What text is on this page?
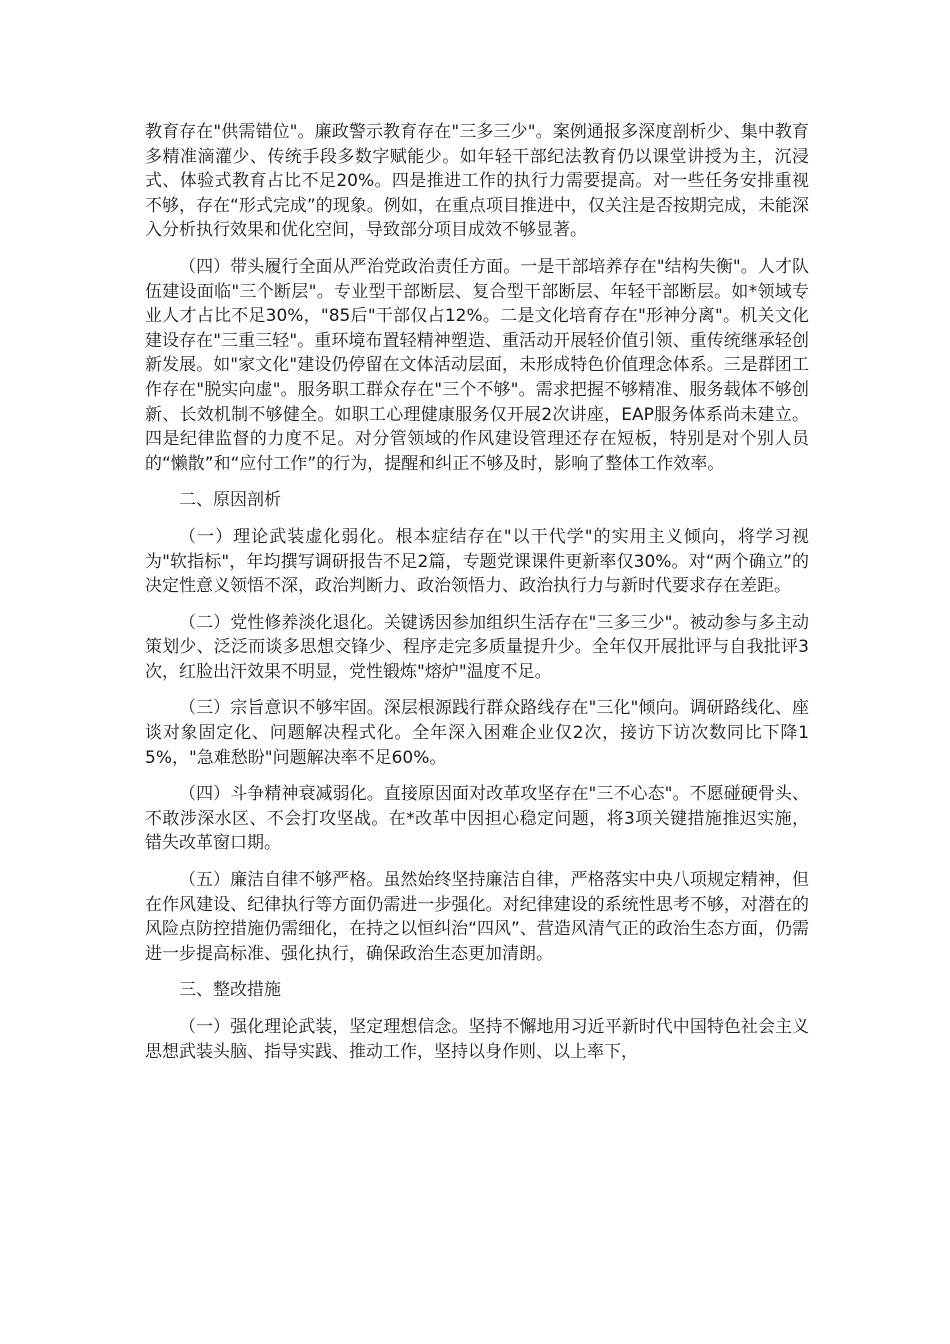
教育存在"供需错位"。廉政警示教育存在"三多三少"。案例通报多深度剖析少、集中教育多精准滴灌少、传统手段多数字赋能少。如年轻干部纪法教育仍以课堂讲授为主，沉浸式、体验式教育占比不足20%。四是推进工作的执行力需要提高。对一些任务安排重视不够，存在“形式完成”的现象。例如，在重点项目推进中，仅关注是否按期完成，未能深入分析执行效果和优化空间，导致部分项目成效不够显著。

（四）带头履行全面从严治党政治责任方面。一是干部培养存在"结构失衡"。人才队伍建设面临"三个断层"。专业型干部断层、复合型干部断层、年轻干部断层。如*领域专业人才占比不足30%，"85后"干部仅占12%。二是文化培育存在"形神分离"。机关文化建设存在"三重三轻"。重环境布置轻精神塑造、重活动开展轻价值引领、重传统继承轻创新发展。如"家文化"建设仍停留在文体活动层面，未形成特色价值理念体系。三是群团工作存在"脱实向虚"。服务职工群众存在"三个不够"。需求把握不够精准、服务载体不够创新、长效机制不够健全。如职工心理健康服务仅开展2次讲座，EAP服务体系尚未建立。四是纪律监督的力度不足。对分管领域的作风建设管理还存在短板，特别是对个别人员的“懒散”和“应付工作”的行为，提醒和纠正不够及时，影响了整体工作效率。

二、原因剖析

（一）理论武装虚化弱化。根本症结存在"以干代学"的实用主义倾向，将学习视为"软指标"，年均撰写调研报告不足2篇，专题党课课件更新率仅30%。对“两个确立”的决定性意义领悟不深，政治判断力、政治领悟力、政治执行力与新时代要求存在差距。

（二）党性修养淡化退化。关键诱因参加组织生活存在"三多三少"。被动参与多主动策划少、泛泛而谈多思想交锋少、程序走完多质量提升少。全年仅开展批评与自我批评3次，红脸出汗效果不明显，党性锻炼"熔炉"温度不足。

（三）宗旨意识不够牢固。深层根源践行群众路线存在"三化"倾向。调研路线化、座谈对象固定化、问题解决程式化。全年深入困难企业仅2次，接访下访次数同比下降15%，"急难愁盼"问题解决率不足60%。

（四）斗争精神衰减弱化。直接原因面对改革攻坚存在"三不心态"。不愿碰硬骨头、不敢涉深水区、不会打攻坚战。在*改革中因担心稳定问题，将3项关键措施推迟实施，错失改革窗口期。

（五）廉洁自律不够严格。虽然始终坚持廉洁自律，严格落实中央八项规定精神，但在作风建设、纪律执行等方面仍需进一步强化。对纪律建设的系统性思考不够，对潜在的风险点防控措施仍需细化，在持之以恒纠治“四风”、营造风清气正的政治生态方面，仍需进一步提高标准、强化执行，确保政治生态更加清朗。

三、整改措施

（一）强化理论武装，坚定理想信念。坚持不懈地用习近平新时代中国特色社会主义思想武装头脑、指导实践、推动工作，坚持以身作则、以上率下，
